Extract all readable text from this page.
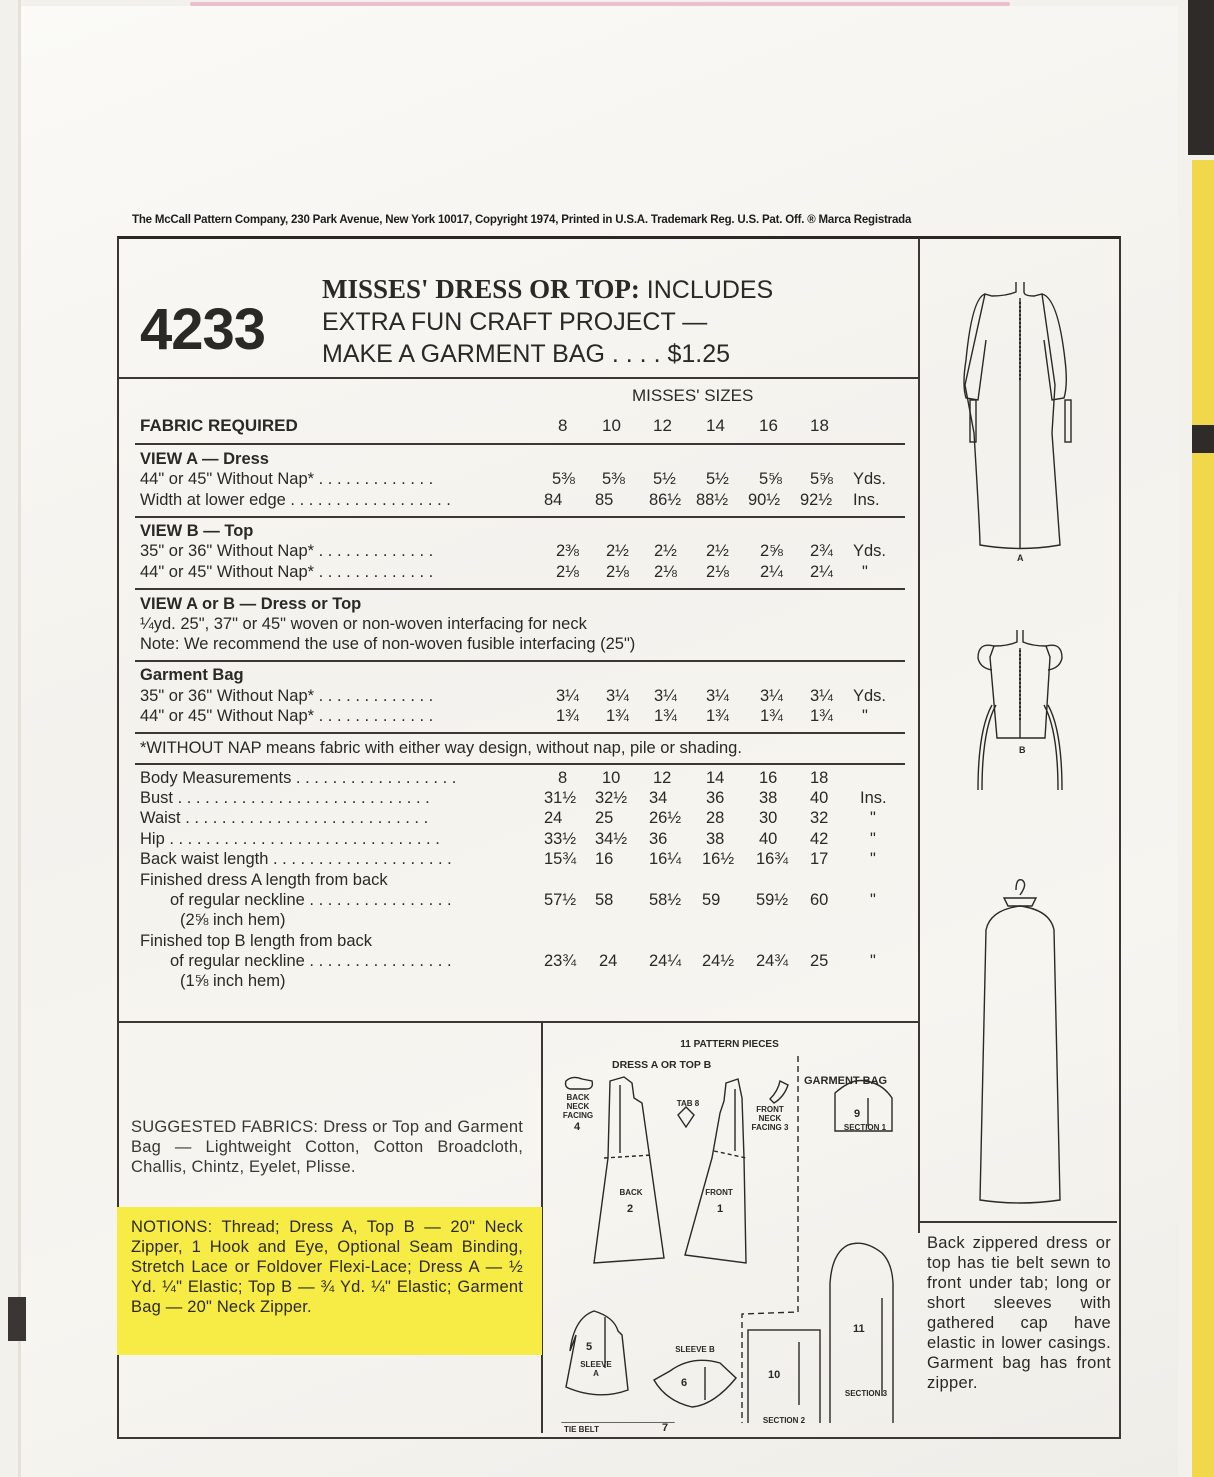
The McCall Pattern Company, 230 Park Avenue, New York 10017, Copyright 1974, Printed in U.S.A. Trademark Reg. U.S. Pat. Off. ® Marca Registrada
4233
MISSES' DRESS OR TOP: INCLUDES
EXTRA FUN CRAFT PROJECT —
MAKE A GARMENT BAG . . . . $1.25
MISSES' SIZES
FABRIC REQUIRED	8	10	12	14	16	18
VIEW A — Dress
44" or 45" Without Nap* . . . . . . . . . . . . .	5⅜	5⅜	5½	5½	5⅝	5⅝	Yds.
Width at lower edge . . . . . . . . . . . . . . . . . .	84	85	86½ 88½	90½	92½	Ins.
VIEW B — Top
35" or 36" Without Nap* . . . . . . . . . . . . .	2⅜	2½	2½	2½	2⅝	2¾	Yds.
44" or 45" Without Nap* . . . . . . . . . . . . .	2⅛	2⅛	2⅛	2⅛	2¼	2¼	"
VIEW A or B — Dress or Top
¼yd. 25", 37" or 45" woven or non-woven interfacing for neck
Note: We recommend the use of non-woven fusible interfacing (25")
Garment Bag
35" or 36" Without Nap* . . . . . . . . . . . . .	3¼	3¼	3¼	3¼	3¼	3¼	Yds.
44" or 45" Without Nap* . . . . . . . . . . . . .	1¾	1¾	1¾	1¾	1¾	1¾	"
*WITHOUT NAP means fabric with either way design, without nap, pile or shading.
Body Measurements . . . . . . . . . . . . . . . . . .	8	10	12	14	16	18
Bust . . . . . . . . . . . . . . . . . . . . . . . . . . . .	31½	32½	34	36	38	40	Ins.
Waist . . . . . . . . . . . . . . . . . . . . . . . . . . .	24	25	26½	28	30	32	"
Hip . . . . . . . . . . . . . . . . . . . . . . . . . . . . . .	33½	34½	36	38	40	42	"
Back waist length . . . . . . . . . . . . . . . . . . . .	15¾	16	16¼	16½	16¾	17	"
Finished dress A length from back
of regular neckline . . . . . . . . . . . . . . . .	57½	58	58½	59	59½	60	"
(2⅝ inch hem)
Finished top B length from back
of regular neckline . . . . . . . . . . . . . . . .	23¾	24	24¼	24½	24¾	25	"
(1⅝ inch hem)
SUGGESTED FABRICS: Dress or Top and Garment Bag — Lightweight Cotton, Cotton Broadcloth, Challis, Chintz, Eyelet, Plisse.
NOTIONS: Thread; Dress A, Top B — 20" Neck Zipper, 1 Hook and Eye, Optional Seam Binding, Stretch Lace or Foldover Flexi-Lace; Dress A — ½ Yd. ¼" Elastic; Top B — ¾ Yd. ¼" Elastic; Garment Bag — 20" Neck Zipper.
Back zippered dress or top has tie belt sewn to front under tab; long or short sleeves with gathered cap have elastic in lower casings. Garment bag has front zipper.
11 PATTERN PIECES
DRESS A OR TOP B
GARMENT BAG
BACK NECK FACING
4
TAB 8
FRONT NECK FACING 3
BACK
2
FRONT
1
5
SLEEVE A
SLEEVE B
6
TIE BELT	7
9
SECTION 1
10
SECTION 2
11
SECTION 3
A
B
